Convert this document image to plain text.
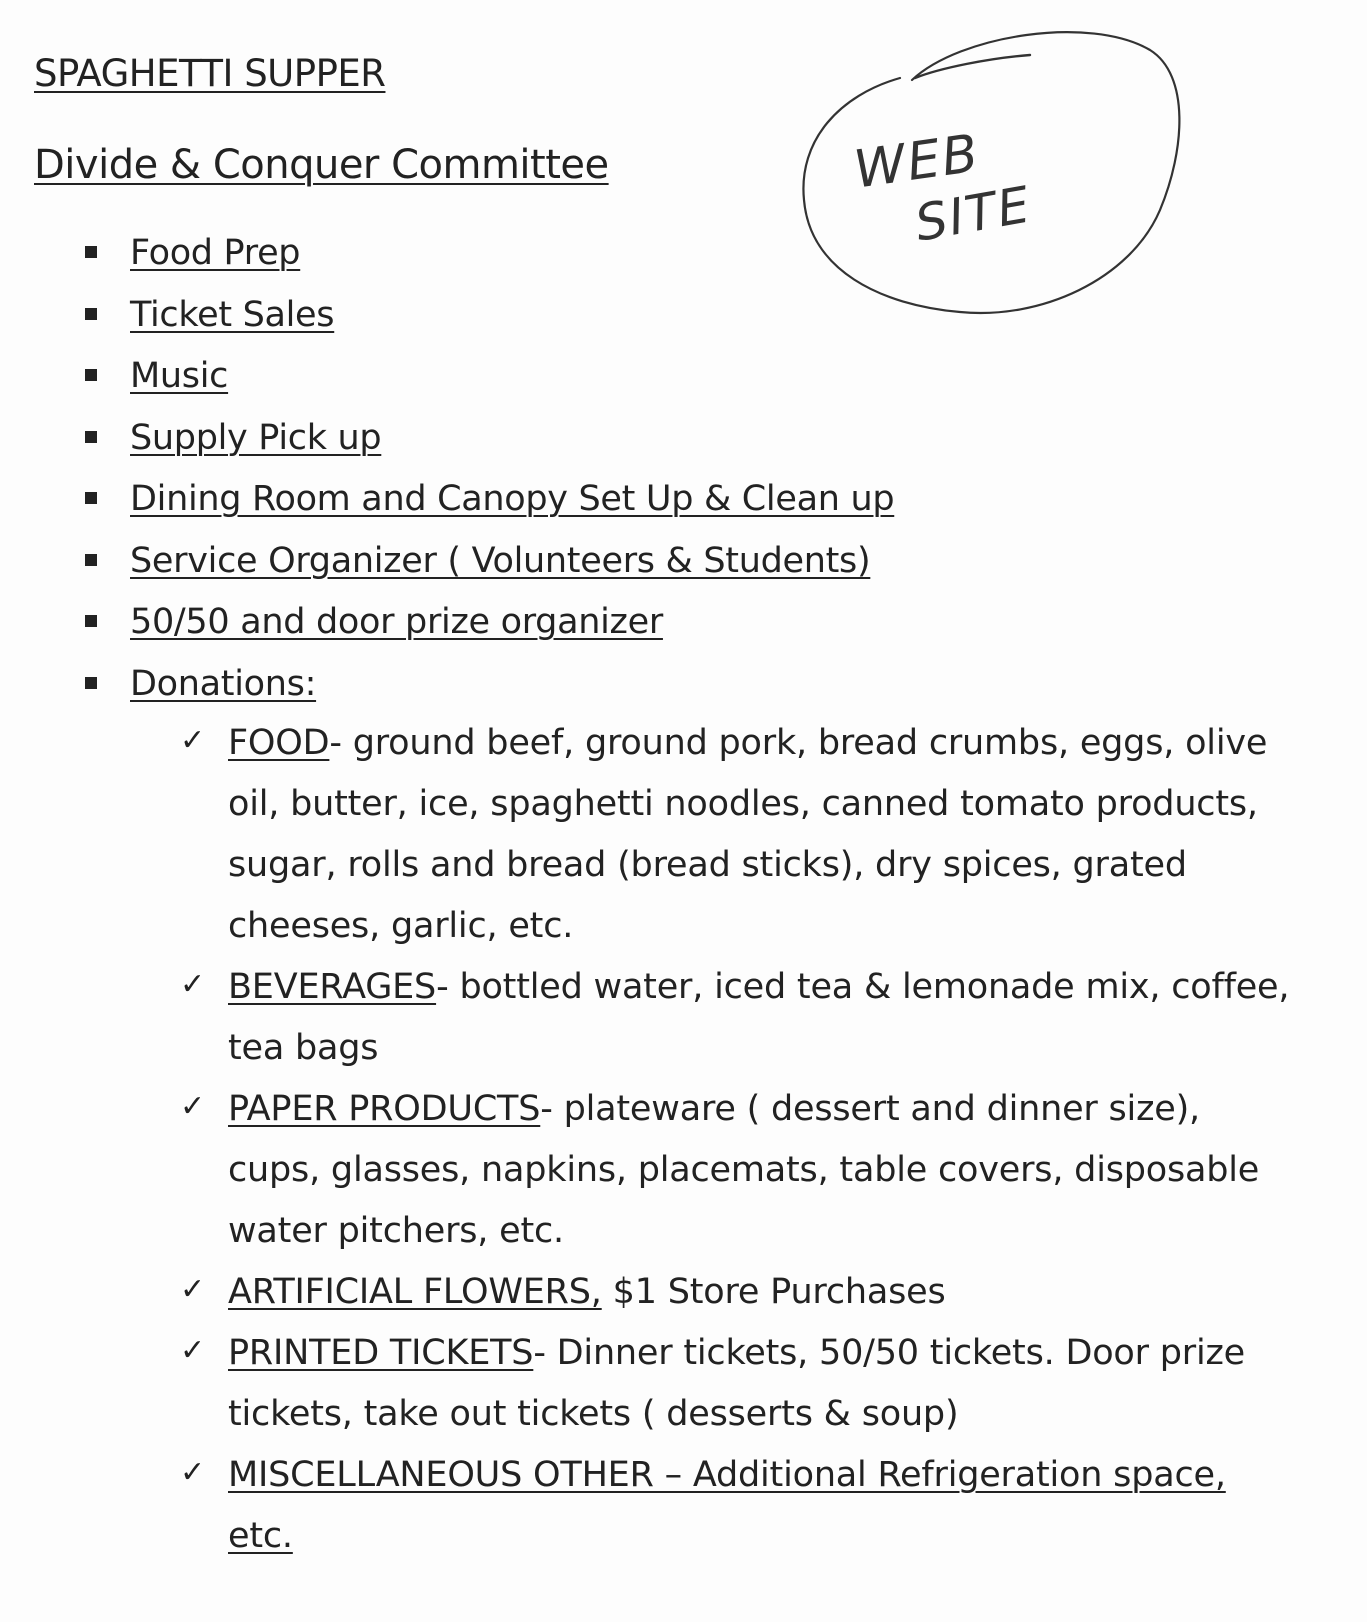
SPAGHETTI SUPPER
Divide & Conquer Committee
Food Prep
Ticket Sales
Music
Supply Pick up
Dining Room and Canopy Set Up & Clean up
Service Organizer ( Volunteers & Students)
50/50 and door prize organizer
Donations:
✓ FOOD- ground beef, ground pork, bread crumbs, eggs, olive oil, butter, ice, spaghetti noodles, canned tomato products, sugar, rolls and bread (bread sticks), dry spices, grated cheeses, garlic, etc.
✓ BEVERAGES- bottled water, iced tea & lemonade mix, coffee, tea bags
✓ PAPER PRODUCTS- plateware ( dessert and dinner size), cups, glasses, napkins, placemats, table covers, disposable water pitchers, etc.
✓ ARTIFICIAL FLOWERS, $1 Store Purchases
✓ PRINTED TICKETS- Dinner tickets, 50/50 tickets. Door prize tickets, take out tickets ( desserts & soup)
✓ MISCELLANEOUS OTHER – Additional Refrigeration space, etc.
WEB
SITE
